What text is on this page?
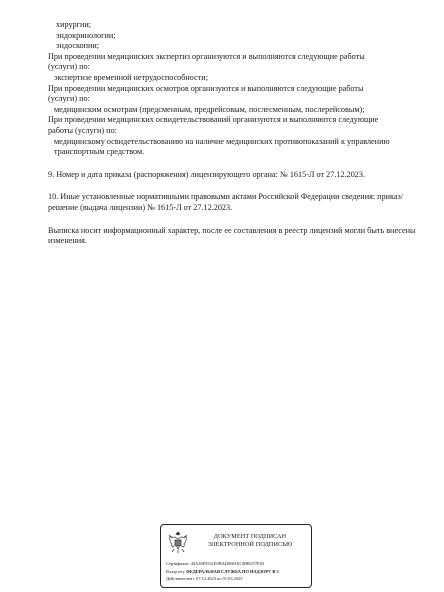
хирургии;
эндокринологии;
эндоскопии;
При проведении медицинских экспертиз организуются и выполняются следующие работы
(услуги) по:
экспертизе временной нетрудоспособности;
При проведении медицинских осмотров организуются и выполняются следующие работы
(услуги) по:
медицинским осмотрам (предсменным, предрейсовым, послесменным, послерейсовым);
При проведении медицинских освидетельствований организуются и выполняются следующие
работы (услуги) по:
медицинскому освидетельствованию на наличие медицинских противопоказаний к управлению
транспортным средством.
9. Номер и дата приказа (распоряжения) лицензирующего органа: № 1615-Л от 27.12.2023.
10. Иные установленные нормативными правовыми актами Российской Федерации сведения: приказ/решение (выдача лицензии) № 1615-Л от 27.12.2023.
Выписка носит информационный характер, после ее составления в реестр лицензий могли быть внесены изменения.
ДОКУМЕНТ ПОДПИСАН
ЭЛЕКТРОННОЙ ПОДПИСЬЮ
Сертификат: 44A36F5521E0BAD0681ECBB8257E03
Владелец: ФЕДЕРАЛЬНАЯ СЛУЖБА ПО НАДЗОРУ В С
Действителен с 07.12.2023 по 01.03.2025
